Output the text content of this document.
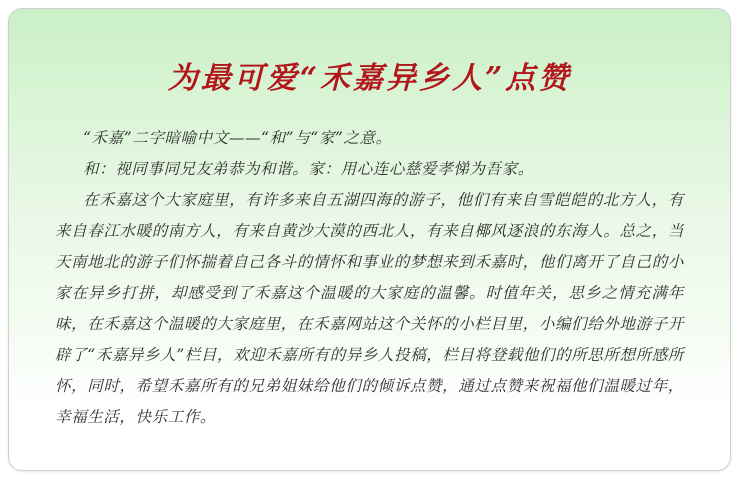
为最可爱“禾嘉异乡人”点赞

“禾嘉”二字暗喻中文——“和”与“家”之意。

和：视同事同兄友弟恭为和谐。家：用心连心慈爱孝悌为吾家。

在禾嘉这个大家庭里，有许多来自五湖四海的游子，他们有来自雪皑皑的北方人，有来自春江水暖的南方人，有来自黄沙大漠的西北人，有来自椰风逐浪的东海人。总之，当天南地北的游子们怀揣着自己各斗的情怀和事业的梦想来到禾嘉时，他们离开了自己的小家在异乡打拼，却感受到了禾嘉这个温暖的大家庭的温馨。时值年关，思乡之情充满年味，在禾嘉这个温暖的大家庭里，在禾嘉网站这个关怀的小栏目里，小编们给外地游子开辟了“禾嘉异乡人”栏目，欢迎禾嘉所有的异乡人投稿，栏目将登载他们的所思所想所感所怀，同时，希望禾嘉所有的兄弟姐妹给他们的倾诉点赞，通过点赞来祝福他们温暖过年，幸福生活，快乐工作。
